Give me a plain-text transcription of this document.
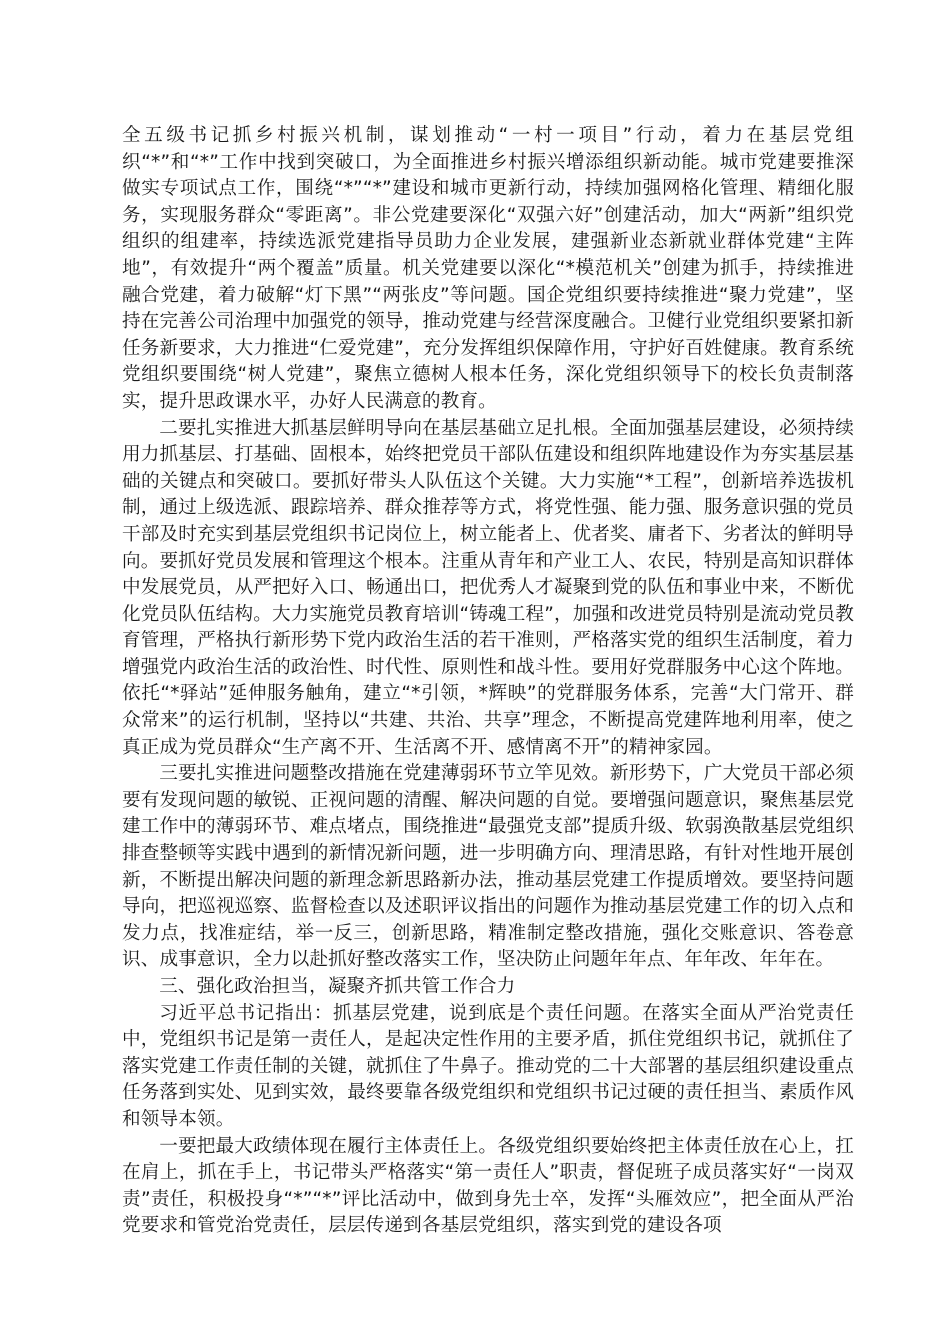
全五级书记抓乡村振兴机制，谋划推动“一村一项目”行动，着力在基层党组织“*”和“*”工作中找到突破口，为全面推进乡村振兴增添组织新动能。城市党建要推深做实专项试点工作，围绕“*”“*”建设和城市更新行动，持续加强网格化管理、精细化服务，实现服务群众“零距离”。非公党建要深化“双强六好”创建活动，加大“两新”组织党组织的组建率，持续选派党建指导员助力企业发展，建强新业态新就业群体党建“主阵地”，有效提升“两个覆盖”质量。机关党建要以深化“*模范机关”创建为抓手，持续推进融合党建，着力破解“灯下黑”“两张皮”等问题。国企党组织要持续推进“聚力党建”，坚持在完善公司治理中加强党的领导，推动党建与经营深度融合。卫健行业党组织要紧扣新任务新要求，大力推进“仁爱党建”，充分发挥组织保障作用，守护好百姓健康。教育系统党组织要围绕“树人党建”，聚焦立德树人根本任务，深化党组织领导下的校长负责制落实，提升思政课水平，办好人民满意的教育。

二要扎实推进大抓基层鲜明导向在基层基础立足扎根。全面加强基层建设，必须持续用力抓基层、打基础、固根本，始终把党员干部队伍建设和组织阵地建设作为夯实基层基础的关键点和突破口。要抓好带头人队伍这个关键。大力实施“*工程”，创新培养选拔机制，通过上级选派、跟踪培养、群众推荐等方式，将党性强、能力强、服务意识强的党员干部及时充实到基层党组织书记岗位上，树立能者上、优者奖、庸者下、劣者汰的鲜明导向。要抓好党员发展和管理这个根本。注重从青年和产业工人、农民，特别是高知识群体中发展党员，从严把好入口、畅通出口，把优秀人才凝聚到党的队伍和事业中来，不断优化党员队伍结构。大力实施党员教育培训“铸魂工程”，加强和改进党员特别是流动党员教育管理，严格执行新形势下党内政治生活的若干准则，严格落实党的组织生活制度，着力增强党内政治生活的政治性、时代性、原则性和战斗性。要用好党群服务中心这个阵地。依托“*驿站”延伸服务触角，建立“*引领，*辉映”的党群服务体系，完善“大门常开、群众常来”的运行机制，坚持以“共建、共治、共享”理念，不断提高党建阵地利用率，使之真正成为党员群众“生产离不开、生活离不开、感情离不开”的精神家园。

三要扎实推进问题整改措施在党建薄弱环节立竿见效。新形势下，广大党员干部必须要有发现问题的敏锐、正视问题的清醒、解决问题的自觉。要增强问题意识，聚焦基层党建工作中的薄弱环节、难点堵点，围绕推进“最强党支部”提质升级、软弱涣散基层党组织排查整顿等实践中遇到的新情况新问题，进一步明确方向、理清思路，有针对性地开展创新，不断提出解决问题的新理念新思路新办法，推动基层党建工作提质增效。要坚持问题导向，把巡视巡察、监督检查以及述职评议指出的问题作为推动基层党建工作的切入点和发力点，找准症结，举一反三，创新思路，精准制定整改措施，强化交账意识、答卷意识、成事意识，全力以赴抓好整改落实工作，坚决防止问题年年点、年年改、年年在。

三、强化政治担当，凝聚齐抓共管工作合力

习近平总书记指出：抓基层党建，说到底是个责任问题。在落实全面从严治党责任中，党组织书记是第一责任人，是起决定性作用的主要矛盾，抓住党组织书记，就抓住了落实党建工作责任制的关键，就抓住了牛鼻子。推动党的二十大部署的基层组织建设重点任务落到实处、见到实效，最终要靠各级党组织和党组织书记过硬的责任担当、素质作风和领导本领。

一要把最大政绩体现在履行主体责任上。各级党组织要始终把主体责任放在心上，扛在肩上，抓在手上，书记带头严格落实“第一责任人”职责，督促班子成员落实好“一岗双责”责任，积极投身“*”“*”评比活动中，做到身先士卒，发挥“头雁效应”，把全面从严治党要求和管党治党责任，层层传递到各基层党组织，落实到党的建设各项
